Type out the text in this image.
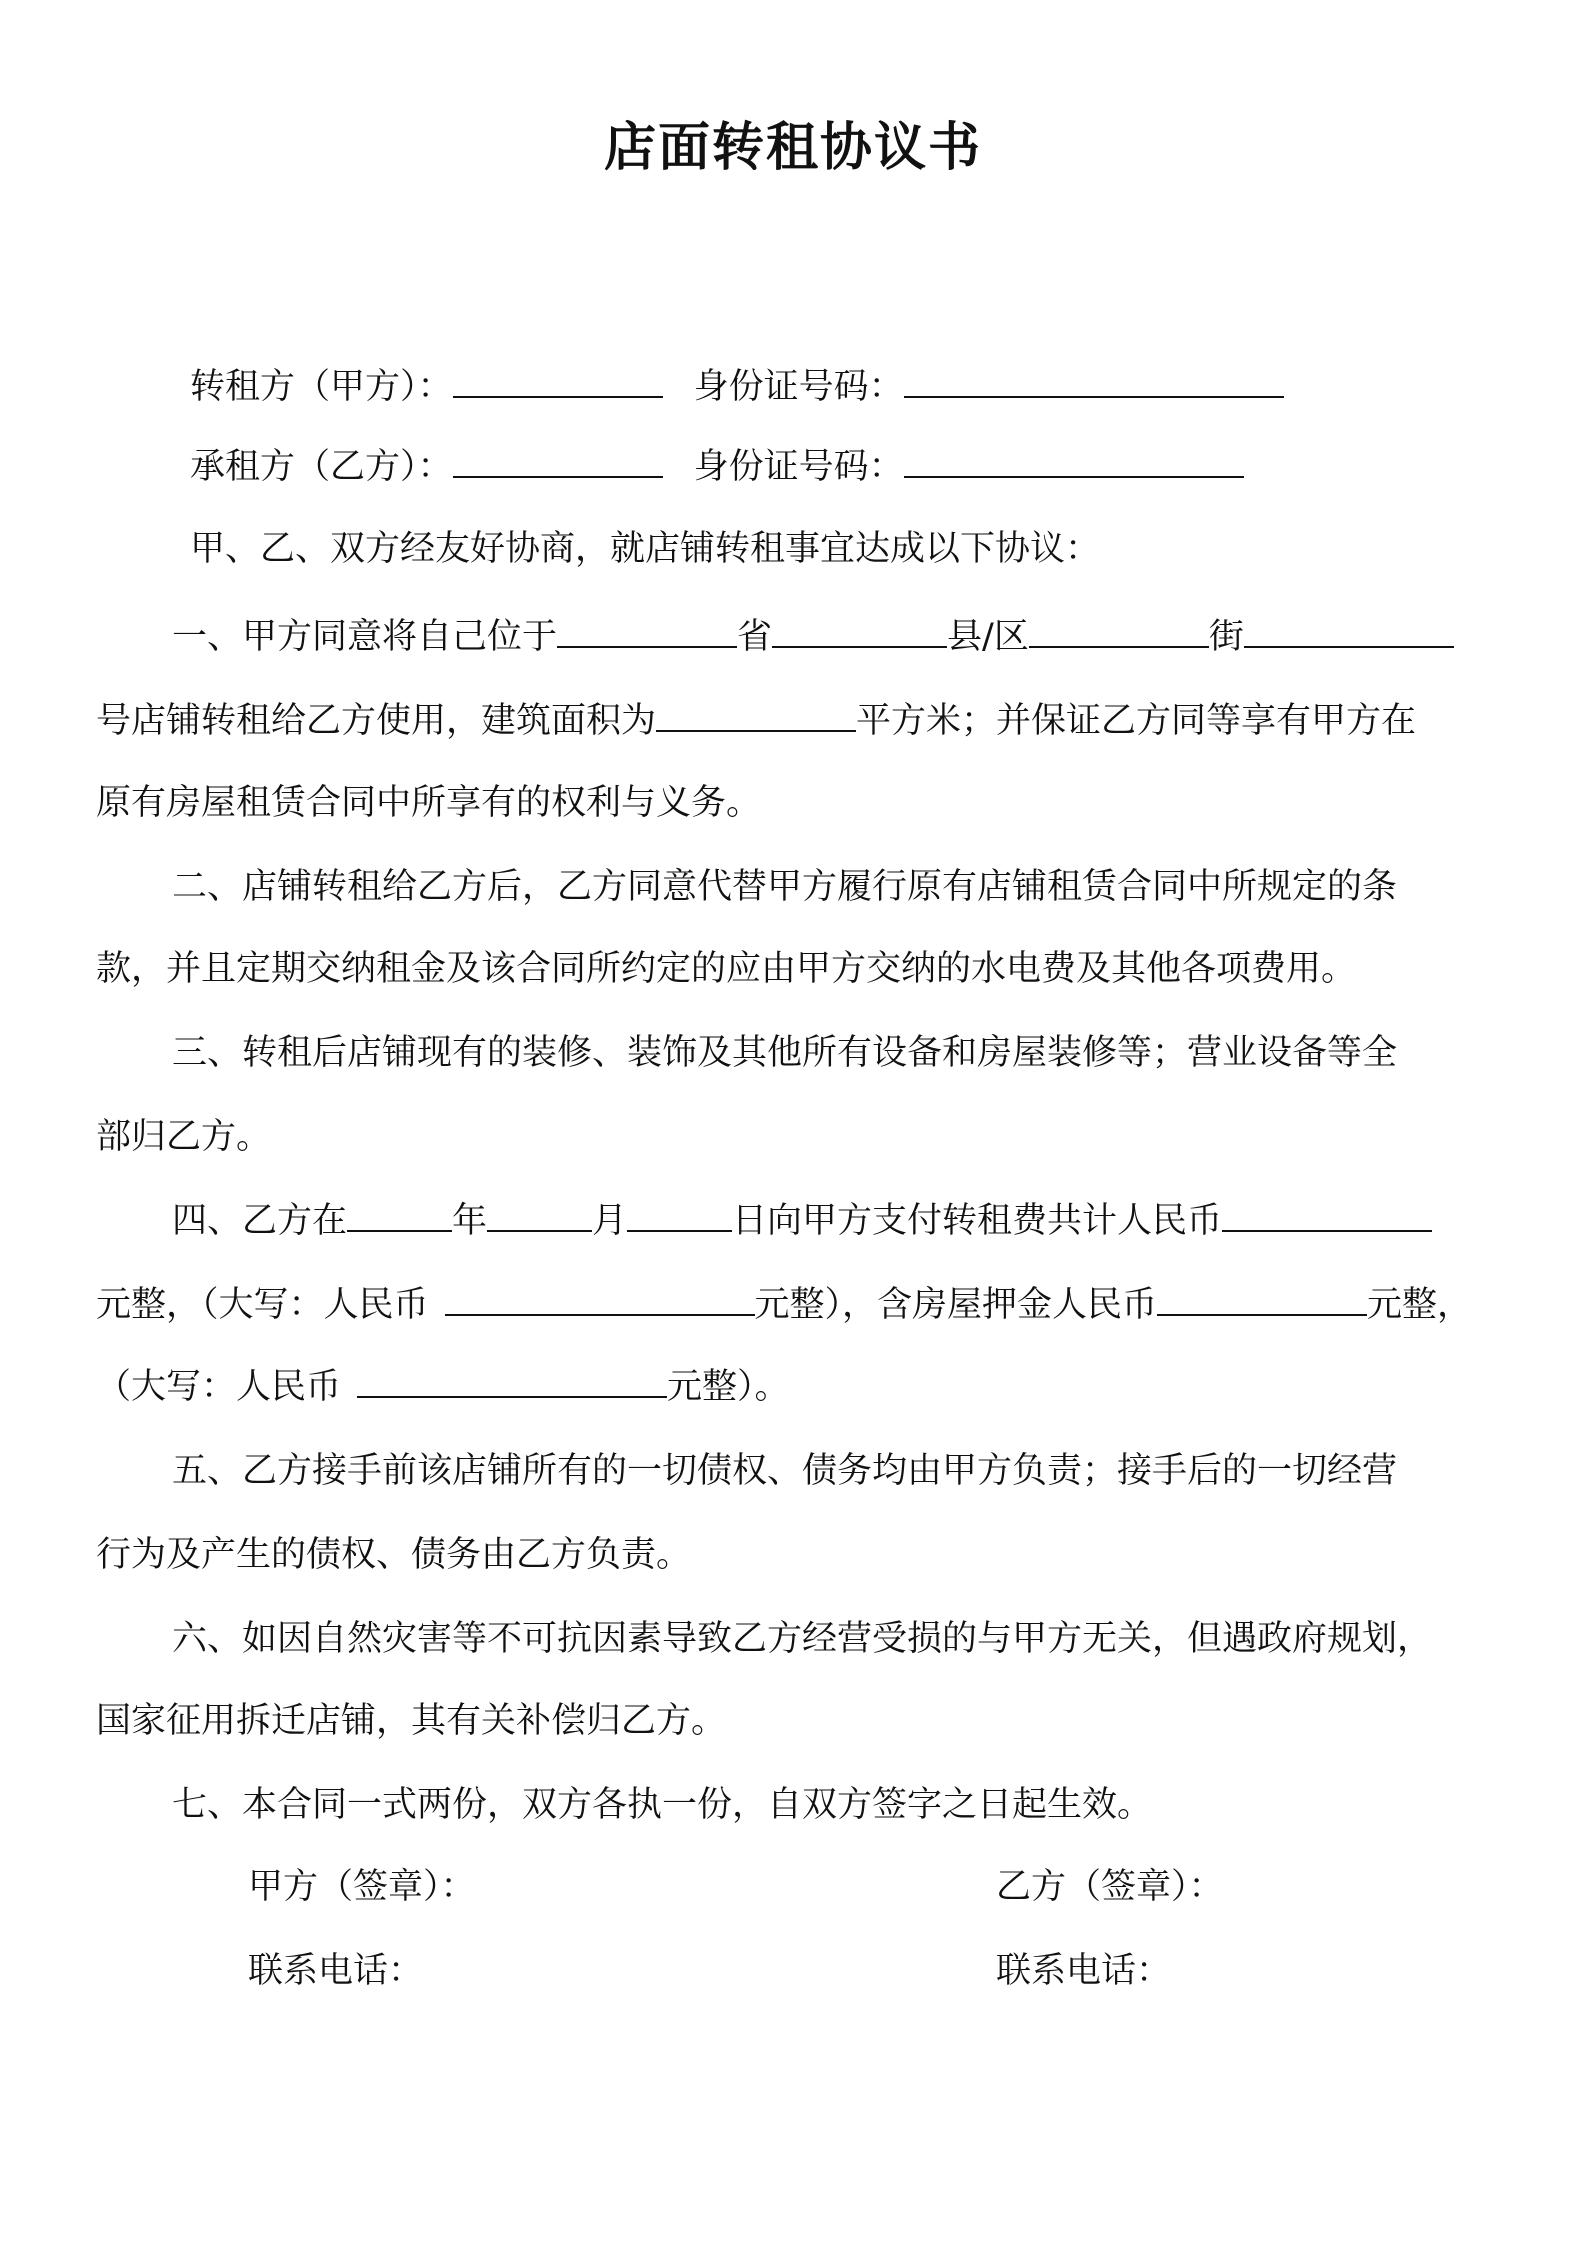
店面转租协议书
转租方（甲方）：	身份证号码：
承租方（乙方）：	身份证号码：
甲、乙、双方经友好协商，就店铺转租事宜达成以下协议：
一、甲方同意将自己位于	省	县/区	街
号店铺转租给乙方使用，建筑面积为	平方米；并保证乙方同等享有甲方在
原有房屋租赁合同中所享有的权利与义务。
二、店铺转租给乙方后，乙方同意代替甲方履行原有店铺租赁合同中所规定的条
款，并且定期交纳租金及该合同所约定的应由甲方交纳的水电费及其他各项费用。
三、转租后店铺现有的装修、装饰及其他所有设备和房屋装修等；营业设备等全
部归乙方。
四、乙方在	年	月	日向甲方支付转租费共计人民币
元整，（大写：人民币	元整），含房屋押金人民币	元整，
（大写：人民币	元整）。
五、乙方接手前该店铺所有的一切债权、债务均由甲方负责；接手后的一切经营
行为及产生的债权、债务由乙方负责。
六、如因自然灾害等不可抗因素导致乙方经营受损的与甲方无关，但遇政府规划，
国家征用拆迁店铺，其有关补偿归乙方。
七、本合同一式两份，双方各执一份，自双方签字之日起生效。
甲方（签章）：	乙方（签章）：
联系电话：	联系电话：
